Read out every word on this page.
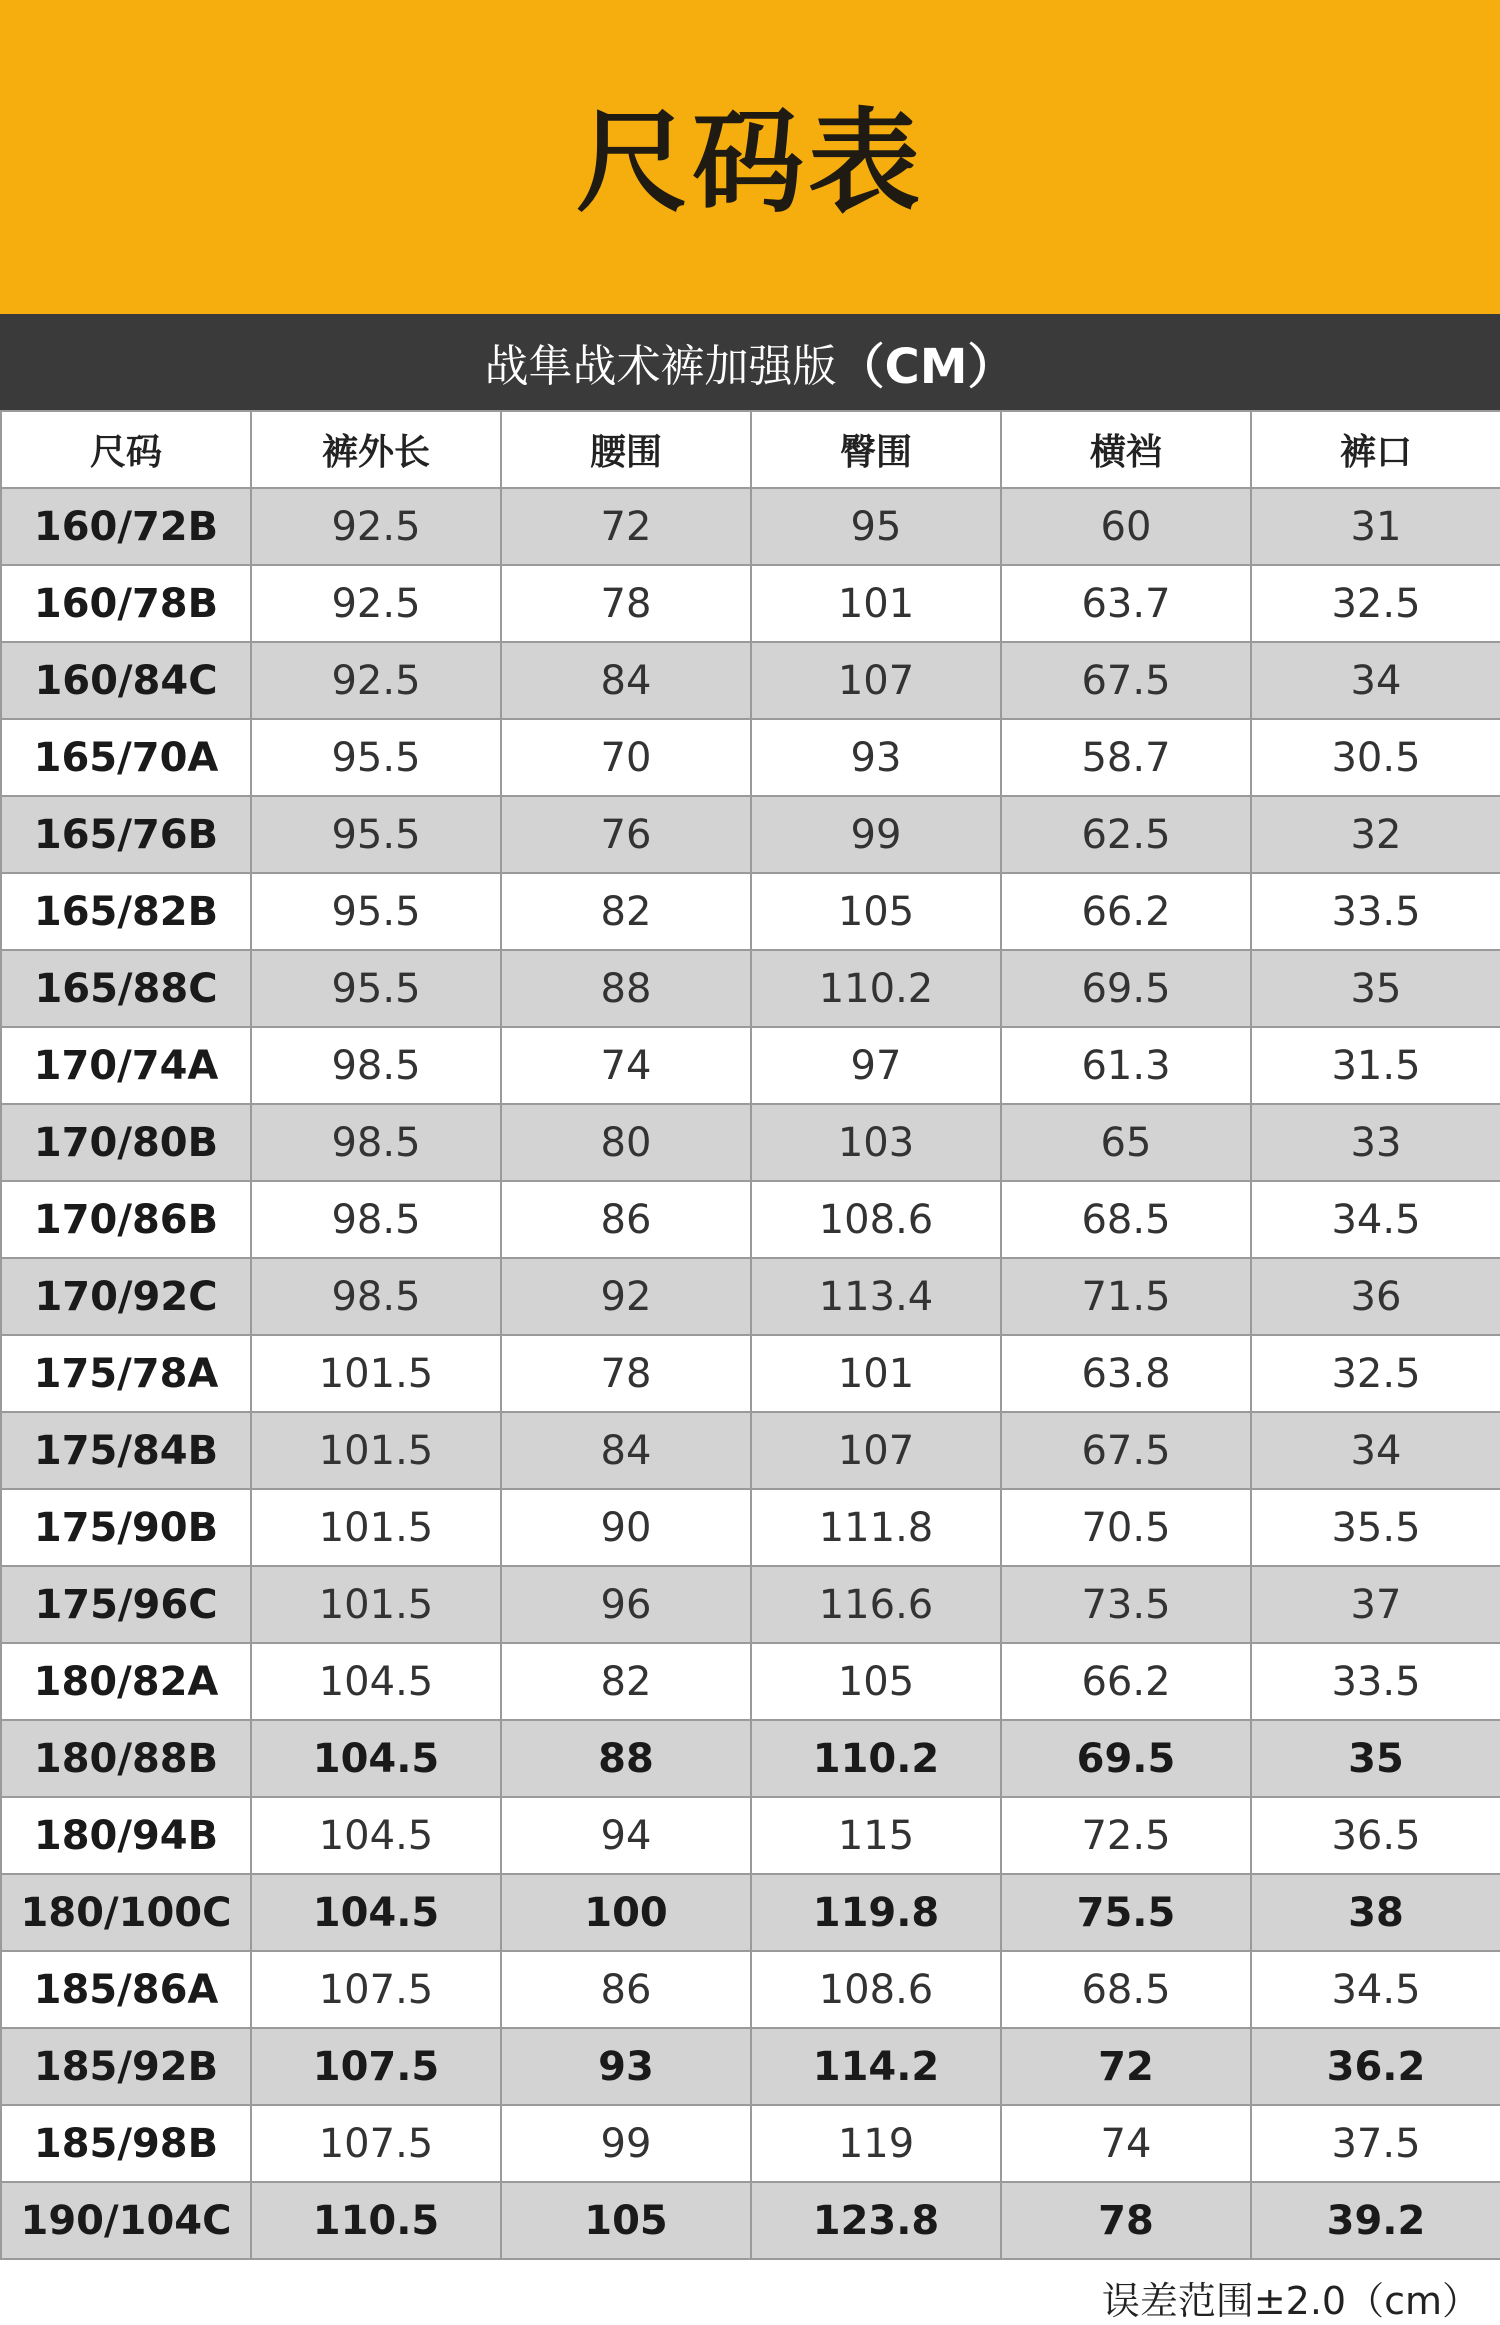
尺码表
战隼战术裤加强版 （CM）
尺码	裤外长	腰围	臀围	横裆	裤口
160/72B	92.5	72	95	60	31
160/78B	92.5	78	101	63.7	32.5
160/84C	92.5	84	107	67.5	34
165/70A	95.5	70	93	58.7	30.5
165/76B	95.5	76	99	62.5	32
165/82B	95.5	82	105	66.2	33.5
165/88C	95.5	88	110.2	69.5	35
170/74A	98.5	74	97	61.3	31.5
170/80B	98.5	80	103	65	33
170/86B	98.5	86	108.6	68.5	34.5
170/92C	98.5	92	113.4	71.5	36
175/78A	101.5	78	101	63.8	32.5
175/84B	101.5	84	107	67.5	34
175/90B	101.5	90	111.8	70.5	35.5
175/96C	101.5	96	116.6	73.5	37
180/82A	104.5	82	105	66.2	33.5
180/88B	104.5	88	110.2	69.5	35
180/94B	104.5	94	115	72.5	36.5
180/100C	104.5	100	119.8	75.5	38
185/86A	107.5	86	108.6	68.5	34.5
185/92B	107.5	93	114.2	72	36.2
185/98B	107.5	99	119	74	37.5
190/104C	110.5	105	123.8	78	39.2
误差范围±2.0（cm）
